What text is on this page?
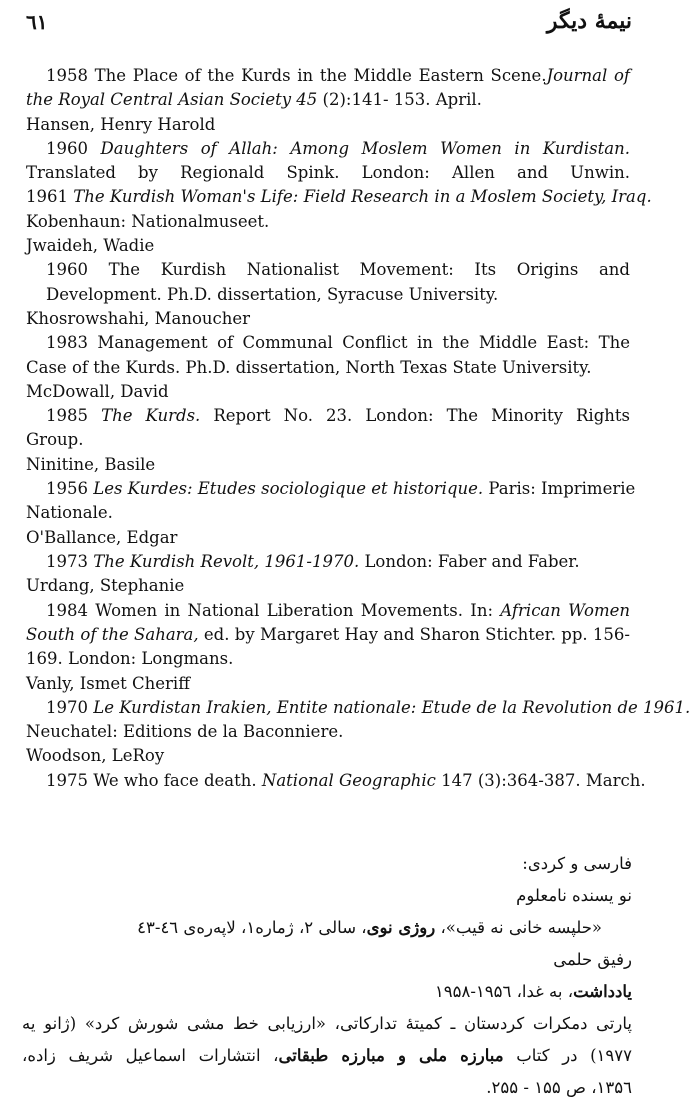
٦١	نیمهٔ دیگر
1958 The Place of the Kurds in the Middle Eastern Scene.Journal of
the Royal Central Asian Society 45 (2):141- 153. April.
Hansen, Henry Harold
1960 Daughters of Allah: Among Moslem Women in Kurdistan.
Translated by Regionald Spink. London: Allen and Unwin.
1961 The Kurdish Woman's Life: Field Research in a Moslem Society, Iraq.
Kobenhaun: Nationalmuseet.
Jwaideh, Wadie
1960 The Kurdish Nationalist Movement: Its Origins and
Development. Ph.D. dissertation, Syracuse University.
Khosrowshahi, Manoucher
1983 Management of Communal Conflict in the Middle East: The
Case of the Kurds. Ph.D. dissertation, North Texas State University.
McDowall, David
1985 The Kurds. Report No. 23. London: The Minority Rights
Group.
Ninitine, Basile
1956 Les Kurdes: Etudes sociologique et historique. Paris: Imprimerie
Nationale.
O'Ballance, Edgar
1973 The Kurdish Revolt, 1961-1970. London: Faber and Faber.
Urdang, Stephanie
1984 Women in National Liberation Movements. In: African Women
South of the Sahara, ed. by Margaret Hay and Sharon Stichter. pp. 156-
169. London: Longmans.
Vanly, Ismet Cheriff
1970 Le Kurdistan Irakien, Entite nationale: Etude de la Revolution de 1961.
Neuchatel: Editions de la Baconniere.
Woodson, LeRoy
1975 We who face death. National Geographic 147 (3):364-387. March.
فارسی و کردی:
نو یسنده نامعلوم
«حلپسه خانی نه قیب»، روژی نوی، سالی ۲، ژماره۱، لاپه‌ره‌ی ٤٦-٤٣
رفیق حلمی
یادداشت، به غدا، ۱۹۵٦-۱۹۵۸
پارتی دمکرات کردستان ـ کمیتهٔ تدارکاتی، «ارزیابی خط مشی شورش کرد» (ژانو یه
۱۹۷۷) در کتاب مبارزه ملی و مبارزه طبقاتی، انتشارات اسماعیل شریف زاده،
۱۳۵٦، ص ۱۵۵ - ۲۵۵.
